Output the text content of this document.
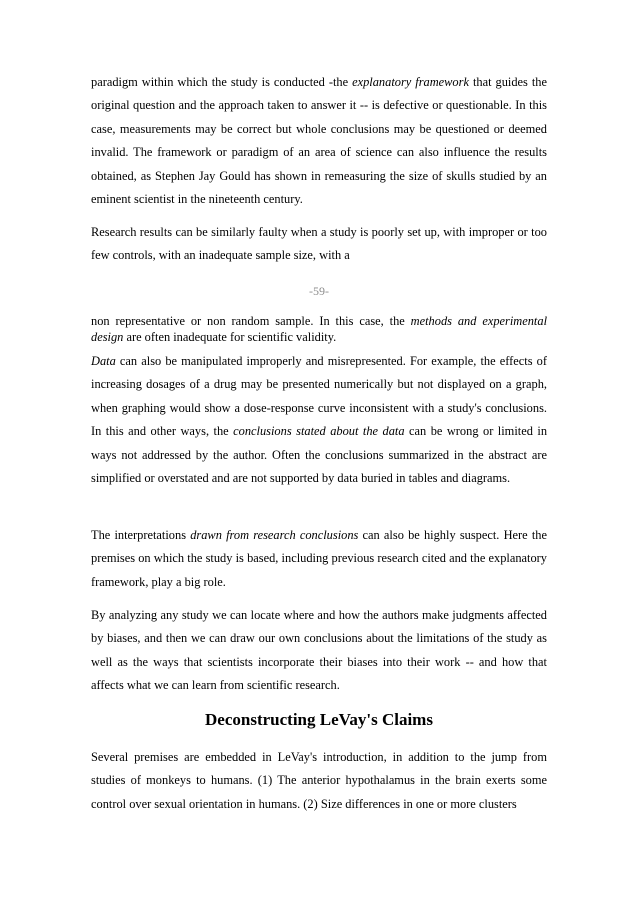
paradigm within which the study is conducted -the explanatory framework that guides the original question and the approach taken to answer it -- is defective or questionable. In this case, measurements may be correct but whole conclusions may be questioned or deemed invalid. The framework or paradigm of an area of science can also influence the results obtained, as Stephen Jay Gould has shown in remeasuring the size of skulls studied by an eminent scientist in the nineteenth century.

Research results can be similarly faulty when a study is poorly set up, with improper or too few controls, with an inadequate sample size, with a

-59-

non representative or non random sample. In this case, the methods and experimental design are often inadequate for scientific validity.

Data can also be manipulated improperly and misrepresented. For example, the effects of increasing dosages of a drug may be presented numerically but not displayed on a graph, when graphing would show a dose-response curve inconsistent with a study's conclusions. In this and other ways, the conclusions stated about the data can be wrong or limited in ways not addressed by the author. Often the conclusions summarized in the abstract are simplified or overstated and are not supported by data buried in tables and diagrams.

The interpretations drawn from research conclusions can also be highly suspect. Here the premises on which the study is based, including previous research cited and the explanatory framework, play a big role.

By analyzing any study we can locate where and how the authors make judgments affected by biases, and then we can draw our own conclusions about the limitations of the study as well as the ways that scientists incorporate their biases into their work -- and how that affects what we can learn from scientific research.

Deconstructing LeVay's Claims

Several premises are embedded in LeVay's introduction, in addition to the jump from studies of monkeys to humans. (1) The anterior hypothalamus in the brain exerts some control over sexual orientation in humans. (2) Size differences in one or more clusters
